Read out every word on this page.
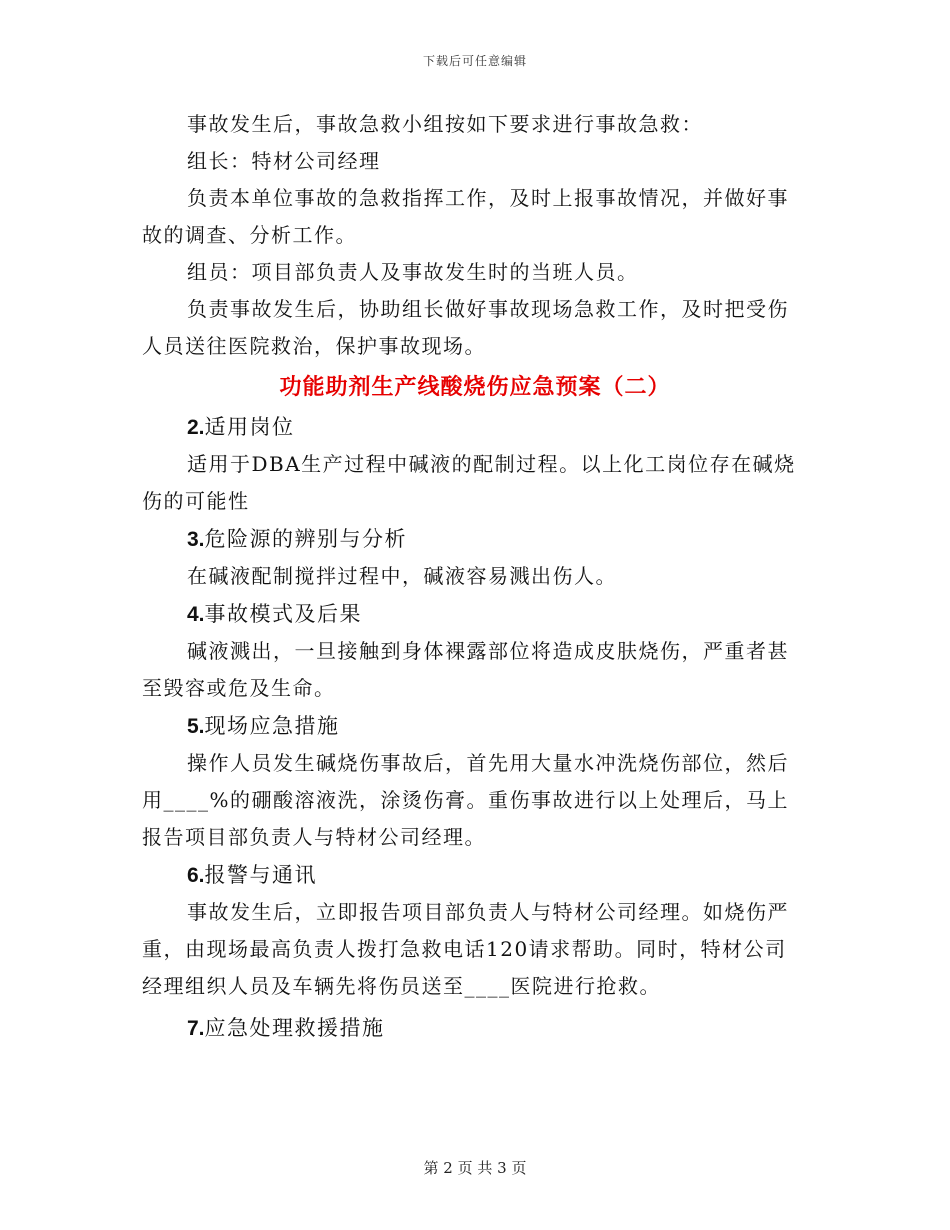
下载后可任意编辑

事故发生后，事故急救小组按如下要求进行事故急救：

组长：特材公司经理

负责本单位事故的急救指挥工作，及时上报事故情况，并做好事故的调查、分析工作。

组员：项目部负责人及事故发生时的当班人员。

负责事故发生后，协助组长做好事故现场急救工作，及时把受伤人员送往医院救治，保护事故现场。

功能助剂生产线酸烧伤应急预案（二）

2.适用岗位

适用于DBA生产过程中碱液的配制过程。以上化工岗位存在碱烧伤的可能性

3.危险源的辨别与分析

在碱液配制搅拌过程中，碱液容易溅出伤人。

4.事故模式及后果

碱液溅出，一旦接触到身体裸露部位将造成皮肤烧伤，严重者甚至毁容或危及生命。

5.现场应急措施

操作人员发生碱烧伤事故后，首先用大量水冲洗烧伤部位，然后用____%的硼酸溶液洗，涂烫伤膏。重伤事故进行以上处理后，马上报告项目部负责人与特材公司经理。

6.报警与通讯

事故发生后，立即报告项目部负责人与特材公司经理。如烧伤严重，由现场最高负责人拨打急救电话120请求帮助。同时，特材公司经理组织人员及车辆先将伤员送至____医院进行抢救。

7.应急处理救援措施

第 2 页 共 3 页
